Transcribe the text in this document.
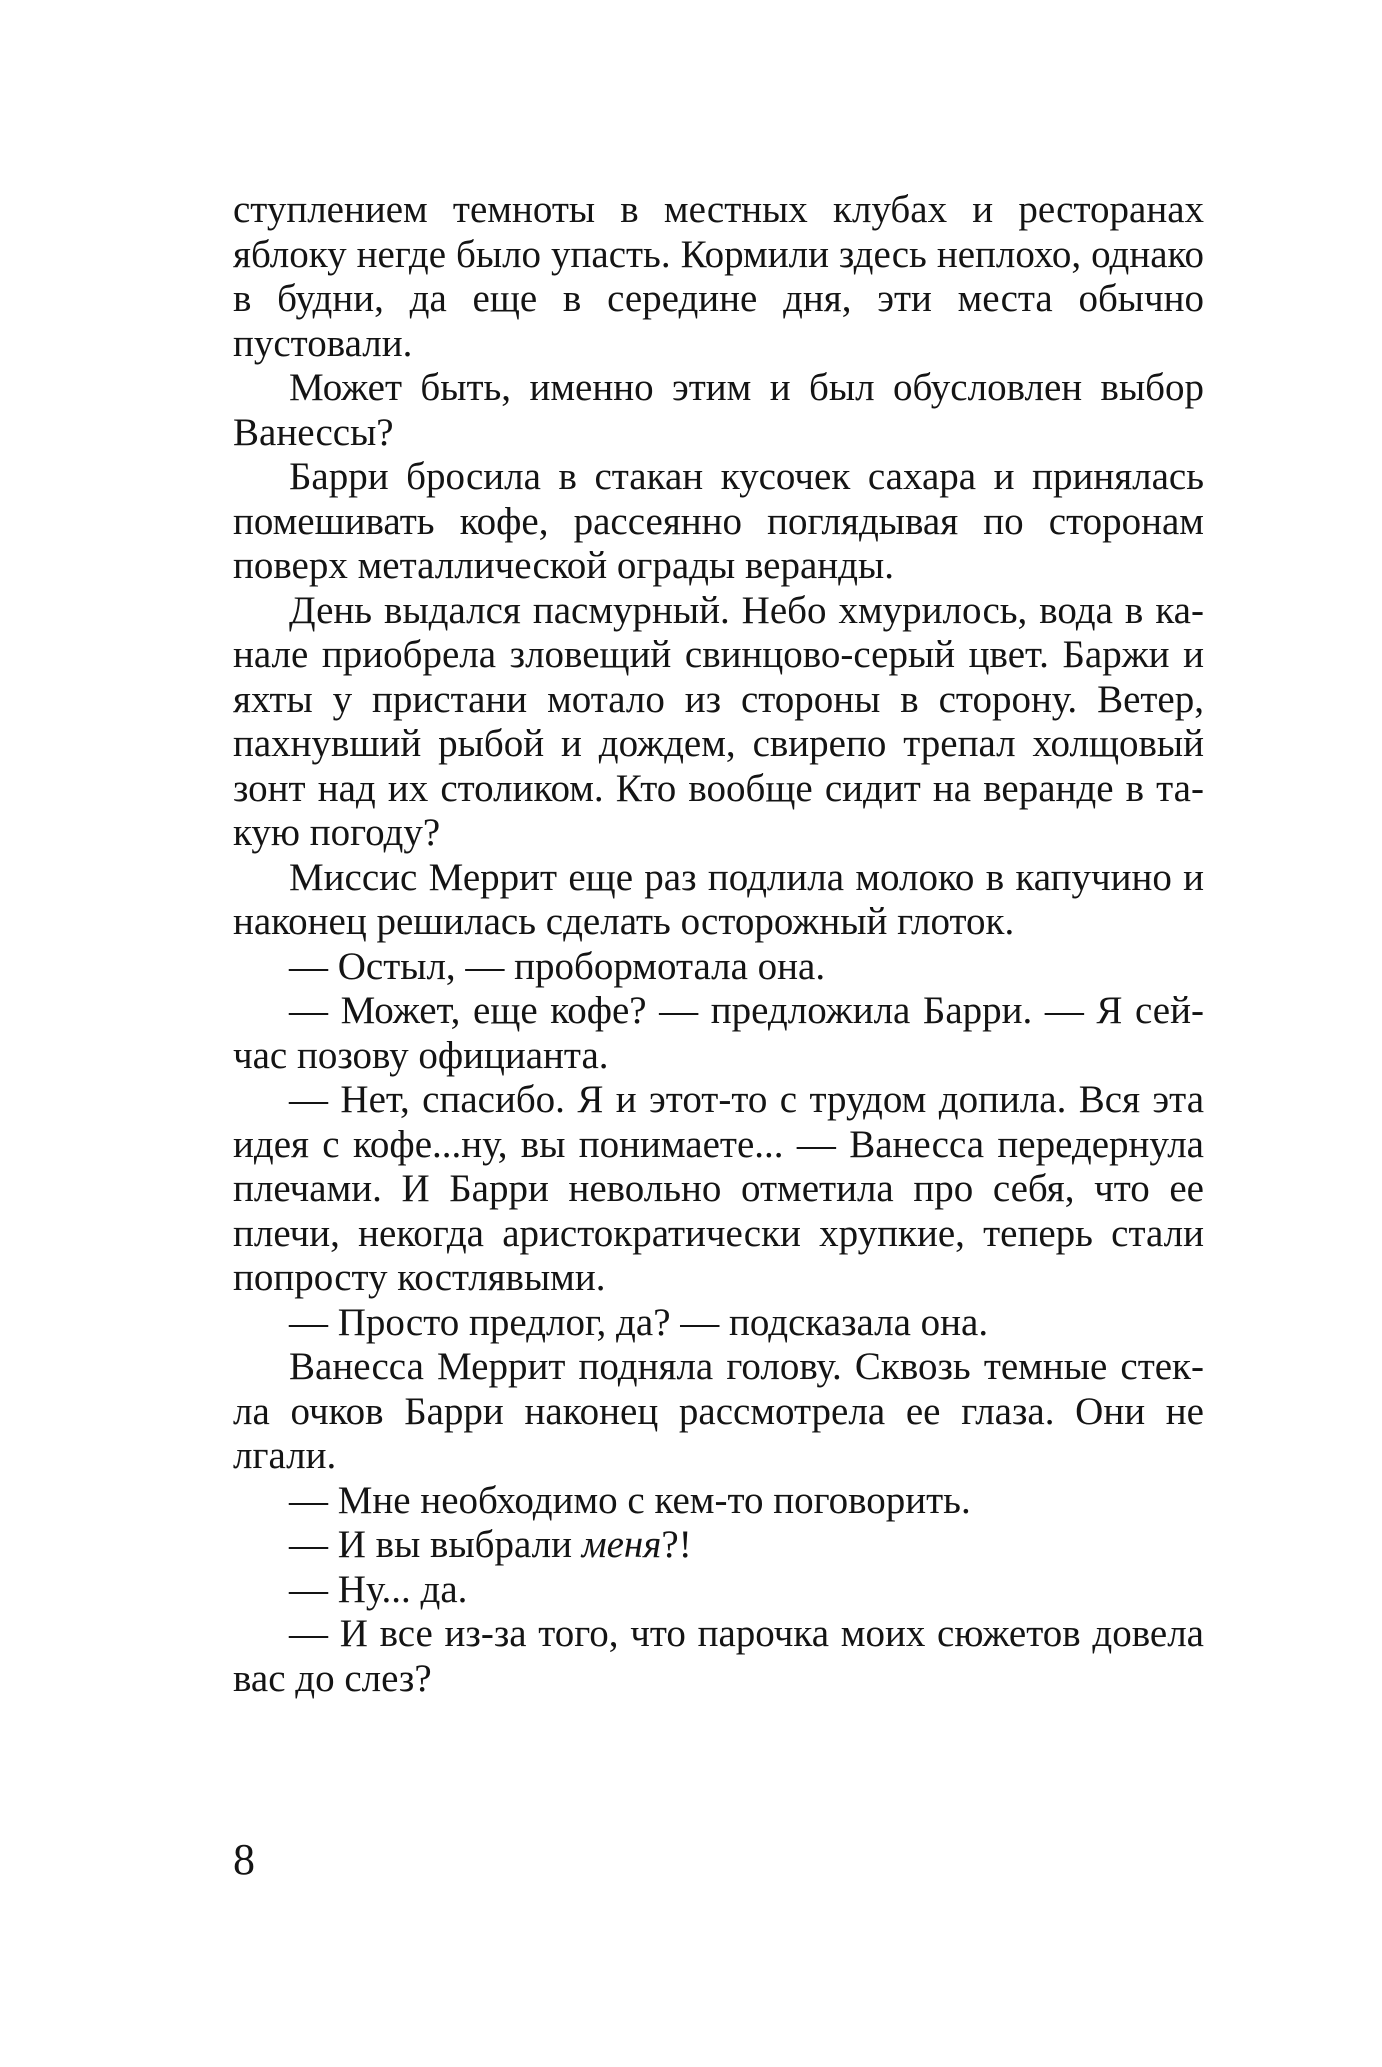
ступлением темноты в местных клубах и ресторанах яблоку негде было упасть. Кормили здесь неплохо, однако в будни, да еще в середине дня, эти места обычно пустовали.

Может быть, именно этим и был обусловлен выбор Ванессы?

Барри бросила в стакан кусочек сахара и принялась помешивать кофе, рассеянно поглядывая по сторонам поверх металлической ограды веранды.

День выдался пасмурный. Небо хмурилось, вода в канале приобрела зловещий свинцово-серый цвет. Баржи и яхты у пристани мотало из стороны в сторону. Ветер, пахнувший рыбой и дождем, свирепо трепал холщовый зонт над их столиком. Кто вообще сидит на веранде в такую погоду?

Миссис Меррит еще раз подлила молоко в капучино и наконец решилась сделать осторожный глоток.

— Остыл, — пробормотала она.

— Может, еще кофе? — предложила Барри. — Я сейчас позову официанта.

— Нет, спасибо. Я и этот-то с трудом допила. Вся эта идея с кофе...ну, вы понимаете... — Ванесса передернула плечами. И Барри невольно отметила про себя, что ее плечи, некогда аристократически хрупкие, теперь стали попросту костлявыми.

— Просто предлог, да? — подсказала она.

Ванесса Меррит подняла голову. Сквозь темные стекла очков Барри наконец рассмотрела ее глаза. Они не лгали.

— Мне необходимо с кем-то поговорить.

— И вы выбрали меня?!

— Ну... да.

— И все из-за того, что парочка моих сюжетов довела вас до слез?

8
